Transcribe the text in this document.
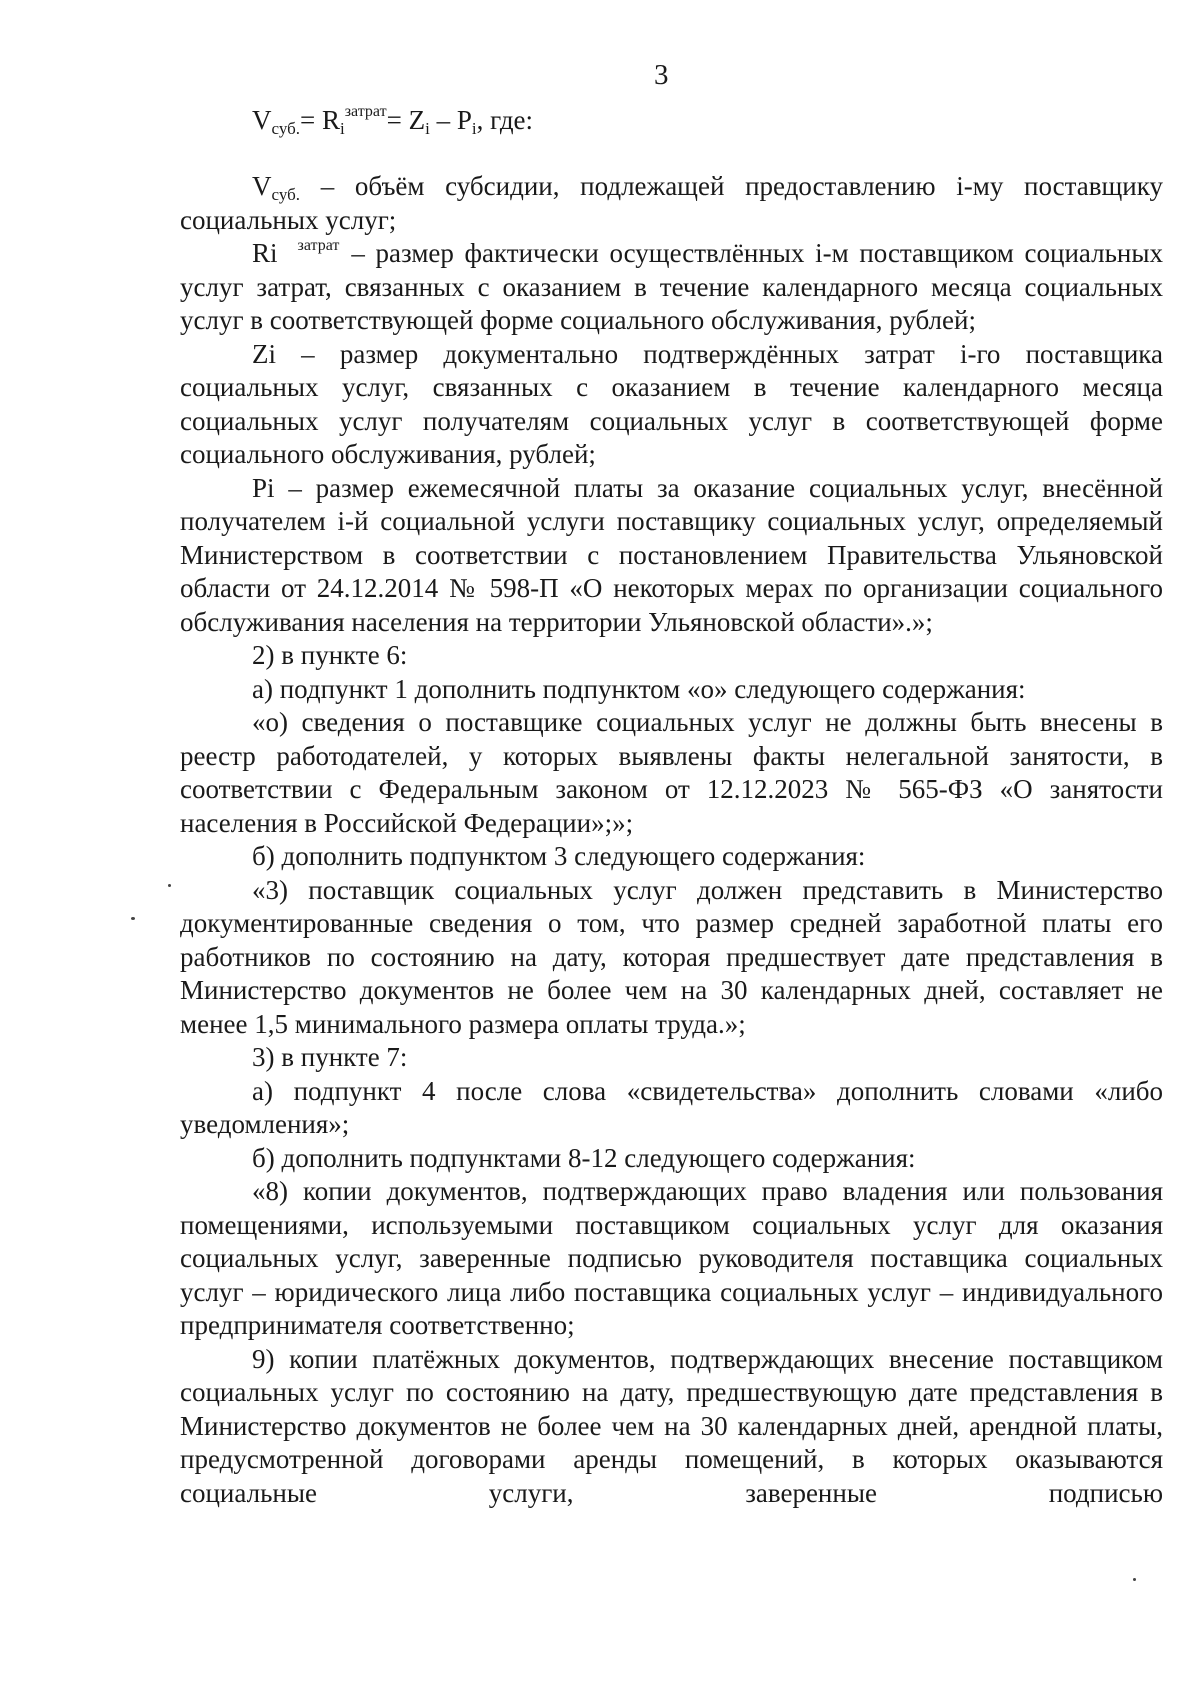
3
$V_{суб.}= R_i^{затрат}= Z_i - P_i$, где:

$V_{суб.}$ – объём субсидии, подлежащей предоставлению i-му поставщику социальных услуг;

Ri $^{затрат}$ – размер фактически осуществлённых i-м поставщиком социальных услуг затрат, связанных с оказанием в течение календарного месяца социальных услуг в соответствующей форме социального обслуживания, рублей;

Zi – размер документально подтверждённых затрат i-го поставщика социальных услуг, связанных с оказанием в течение календарного месяца социальных услуг получателям социальных услуг в соответствующей форме социального обслуживания, рублей;

Pi – размер ежемесячной платы за оказание социальных услуг, внесённой получателем i-й социальной услуги поставщику социальных услуг, определяемый Министерством в соответствии с постановлением Правительства Ульяновской области от 24.12.2014 № 598-П «О некоторых мерах по организации социального обслуживания населения на территории Ульяновской области».»;

2) в пункте 6:

а) подпункт 1 дополнить подпунктом «о» следующего содержания:

«о) сведения о поставщике социальных услуг не должны быть внесены в реестр работодателей, у которых выявлены факты нелегальной занятости, в соответствии с Федеральным законом от 12.12.2023 № 565-ФЗ «О занятости населения в Российской Федерации»;»;

б) дополнить подпунктом 3 следующего содержания:

«3) поставщик социальных услуг должен представить в Министерство документированные сведения о том, что размер средней заработной платы его работников по состоянию на дату, которая предшествует дате представления в Министерство документов не более чем на 30 календарных дней, составляет не менее 1,5 минимального размера оплаты труда.»;

3) в пункте 7:

а) подпункт 4 после слова «свидетельства» дополнить словами «либо уведомления»;

б) дополнить подпунктами 8-12 следующего содержания:

«8) копии документов, подтверждающих право владения или пользования помещениями, используемыми поставщиком социальных услуг для оказания социальных услуг, заверенные подписью руководителя поставщика социальных услуг – юридического лица либо поставщика социальных услуг – индивидуального предпринимателя соответственно;

9) копии платёжных документов, подтверждающих внесение поставщиком социальных услуг по состоянию на дату, предшествующую дате представления в Министерство документов не более чем на 30 календарных дней, арендной платы, предусмотренной договорами аренды помещений, в которых оказываются социальные услуги, заверенные подписью
